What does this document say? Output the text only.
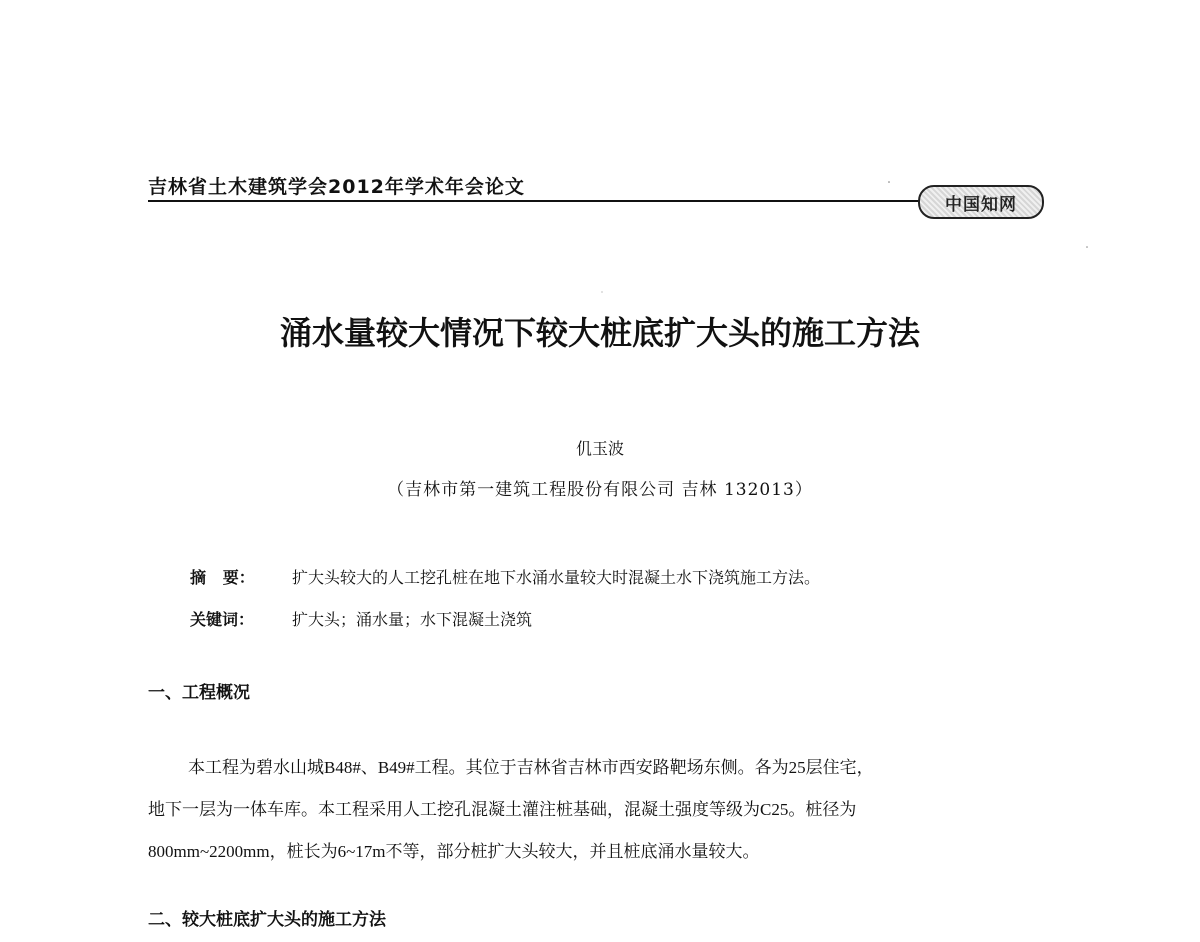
吉林省土木建筑学会2012年学术年会论文
中国知网
涌水量较大情况下较大桩底扩大头的施工方法
仉玉波
（吉林市第一建筑工程股份有限公司 吉林 132013）
摘   要：	扩大头较大的人工挖孔桩在地下水涌水量较大时混凝土水下浇筑施工方法。
关键词：	扩大头；涌水量；水下混凝土浇筑
一、工程概况
本工程为碧水山城B48#、B49#工程。其位于吉林省吉林市西安路靶场东侧。各为25层住宅，
地下一层为一体车库。本工程采用人工挖孔混凝土灌注桩基础，混凝土强度等级为C25。桩径为
800mm~2200mm，桩长为6~17m不等，部分桩扩大头较大，并且桩底涌水量较大。
二、较大桩底扩大头的施工方法
